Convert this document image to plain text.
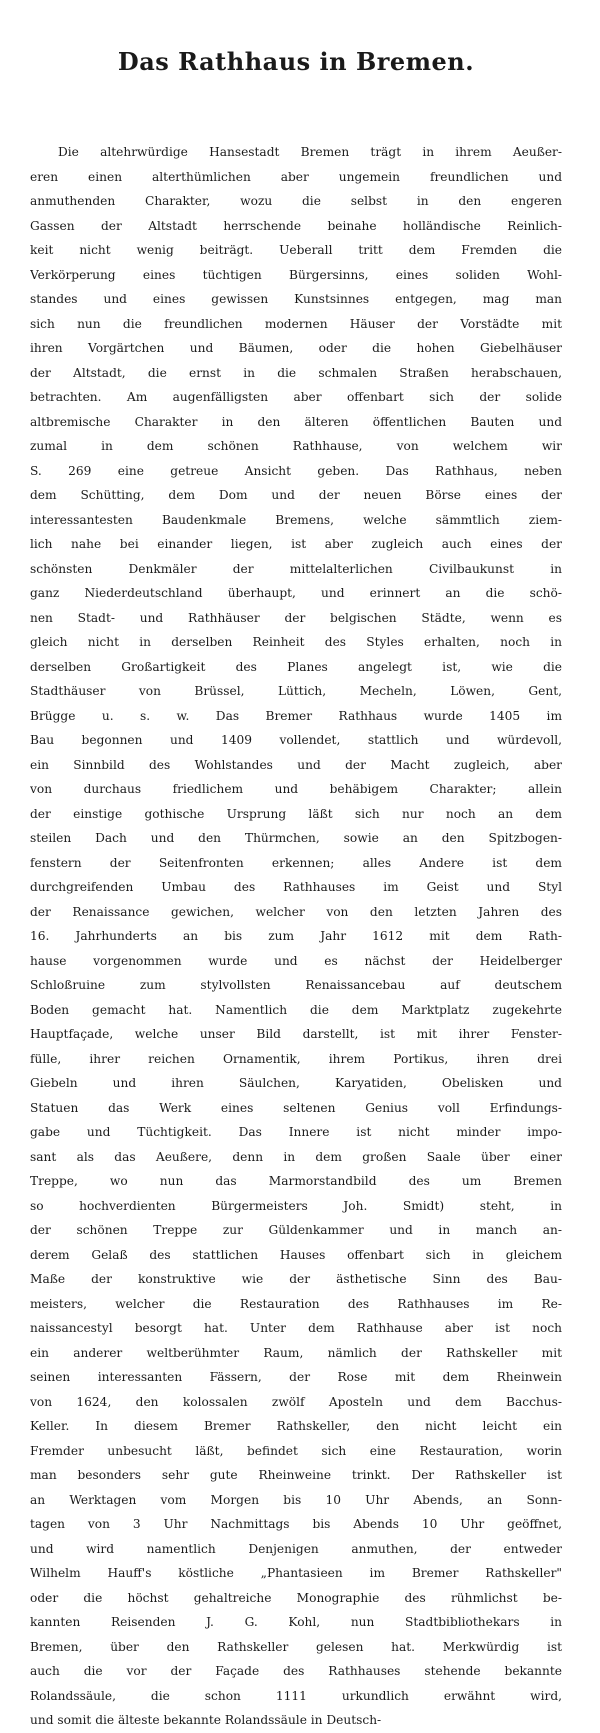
Das Rathhaus in Bremen.
Die altehrwürdige Hansestadt Bremen trägt in ihrem Aeußer-
eren einen alterthümlichen aber ungemein freundlichen und
anmuthenden Charakter, wozu die selbst in den engeren
Gassen der Altstadt herrschende beinahe holländische Reinlich-
keit nicht wenig beiträgt. Ueberall tritt dem Fremden die
Verkörperung eines tüchtigen Bürgersinns, eines soliden Wohl-
standes und eines gewissen Kunstsinnes entgegen, mag man
sich nun die freundlichen modernen Häuser der Vorstädte mit
ihren Vorgärtchen und Bäumen, oder die hohen Giebelhäuser
der Altstadt, die ernst in die schmalen Straßen herabschauen,
betrachten. Am augenfälligsten aber offenbart sich der solide
altbremische Charakter in den älteren öffentlichen Bauten und
zumal in dem schönen Rathhause, von welchem wir
S. 269 eine getreue Ansicht geben. Das Rathhaus, neben
dem Schütting, dem Dom und der neuen Börse eines der
interessantesten Baudenkmale Bremens, welche sämmtlich ziem-
lich nahe bei einander liegen, ist aber zugleich auch eines der
schönsten Denkmäler der mittelalterlichen Civilbaukunst in
ganz Niederdeutschland überhaupt, und erinnert an die schö-
nen Stadt- und Rathhäuser der belgischen Städte, wenn es
gleich nicht in derselben Reinheit des Styles erhalten, noch in
derselben Großartigkeit des Planes angelegt ist, wie die
Stadthäuser von Brüssel, Lüttich, Mecheln, Löwen, Gent,
Brügge u. s. w. Das Bremer Rathhaus wurde 1405 im
Bau begonnen und 1409 vollendet, stattlich und würdevoll,
ein Sinnbild des Wohlstandes und der Macht zugleich, aber
von durchaus friedlichem und behäbigem Charakter; allein
der einstige gothische Ursprung läßt sich nur noch an dem
steilen Dach und den Thürmchen, sowie an den Spitzbogen-
fenstern der Seitenfronten erkennen; alles Andere ist dem
durchgreifenden Umbau des Rathhauses im Geist und Styl
der Renaissance gewichen, welcher von den letzten Jahren des
16. Jahrhunderts an bis zum Jahr 1612 mit dem Rath-
hause vorgenommen wurde und es nächst der Heidelberger
Schloßruine zum stylvollsten Renaissancebau auf deutschem
Boden gemacht hat. Namentlich die dem Marktplatz zugekehrte
Hauptfaçade, welche unser Bild darstellt, ist mit ihrer Fenster-
fülle, ihrer reichen Ornamentik, ihrem Portikus, ihren drei
Giebeln und ihren Säulchen, Karyatiden, Obelisken und
Statuen das Werk eines seltenen Genius voll Erfindungs-
gabe und Tüchtigkeit. Das Innere ist nicht minder impo-
sant als das Aeußere, denn in dem großen Saale über einer
Treppe, wo nun das Marmorstandbild des um Bremen
so hochverdienten Bürgermeisters Joh. Smidt) steht, in
der schönen Treppe zur Güldenkammer und in manch an-
derem Gelaß des stattlichen Hauses offenbart sich in gleichem
Maße der konstruktive wie der ästhetische Sinn des Bau-
meisters, welcher die Restauration des Rathhauses im Re-
naissancestyl besorgt hat. Unter dem Rathhause aber ist noch
ein anderer weltberühmter Raum, nämlich der Rathskeller mit
seinen interessanten Fässern, der Rose mit dem Rheinwein
von 1624, den kolossalen zwölf Aposteln und dem Bacchus-
Keller. In diesem Bremer Rathskeller, den nicht leicht ein
Fremder unbesucht läßt, befindet sich eine Restauration, worin
man besonders sehr gute Rheinweine trinkt. Der Rathskeller ist
an Werktagen vom Morgen bis 10 Uhr Abends, an Sonn-
tagen von 3 Uhr Nachmittags bis Abends 10 Uhr geöffnet,
und wird namentlich Denjenigen anmuthen, der entweder
Wilhelm Hauff's köstliche „Phantasieen im Bremer Rathskeller"
oder die höchst gehaltreiche Monographie des rühmlichst be-
kannten Reisenden J. G. Kohl, nun Stadtbibliothekars in
Bremen, über den Rathskeller gelesen hat. Merkwürdig ist
auch die vor der Façade des Rathhauses stehende bekannte
Rolandssäule, die schon 1111 urkundlich erwähnt wird,
und somit die älteste bekannte Rolandssäule in Deutsch-
